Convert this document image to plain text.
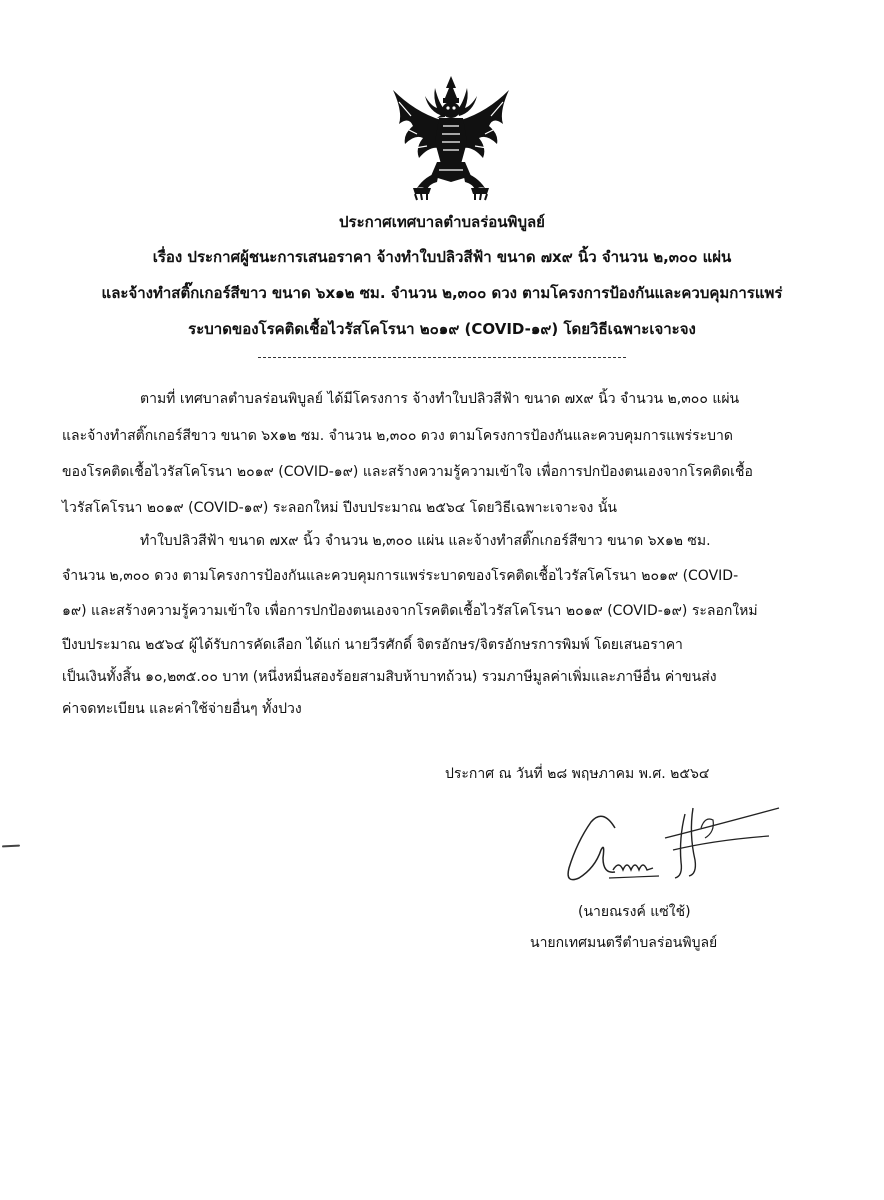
ประกาศเทศบาลตำบลร่อนพิบูลย์
เรื่อง ประกาศผู้ชนะการเสนอราคา จ้างทำใบปลิวสีฟ้า ขนาด ๗x๙ นิ้ว จำนวน ๒,๓๐๐ แผ่น
และจ้างทำสติ๊กเกอร์สีขาว ขนาด ๖x๑๒ ซม. จำนวน ๒,๓๐๐ ดวง ตามโครงการป้องกันและควบคุมการแพร่
ระบาดของโรคติดเชื้อไวรัสโคโรนา ๒๐๑๙ (COVID-๑๙) โดยวิธีเฉพาะเจาะจง
ตามที่ เทศบาลตำบลร่อนพิบูลย์ ได้มีโครงการ จ้างทำใบปลิวสีฟ้า ขนาด ๗x๙ นิ้ว จำนวน ๒,๓๐๐ แผ่น
และจ้างทำสติ๊กเกอร์สีขาว ขนาด ๖x๑๒ ซม. จำนวน ๒,๓๐๐ ดวง ตามโครงการป้องกันและควบคุมการแพร่ระบาด
ของโรคติดเชื้อไวรัสโคโรนา ๒๐๑๙ (COVID-๑๙) และสร้างความรู้ความเข้าใจ เพื่อการปกป้องตนเองจากโรคติดเชื้อ
ไวรัสโคโรนา ๒๐๑๙ (COVID-๑๙) ระลอกใหม่ ปีงบประมาณ ๒๕๖๔ โดยวิธีเฉพาะเจาะจง นั้น
ทำใบปลิวสีฟ้า ขนาด ๗x๙ นิ้ว จำนวน ๒,๓๐๐ แผ่น และจ้างทำสติ๊กเกอร์สีขาว ขนาด ๖x๑๒ ซม.
จำนวน ๒,๓๐๐ ดวง ตามโครงการป้องกันและควบคุมการแพร่ระบาดของโรคติดเชื้อไวรัสโคโรนา ๒๐๑๙ (COVID-
๑๙) และสร้างความรู้ความเข้าใจ เพื่อการปกป้องตนเองจากโรคติดเชื้อไวรัสโคโรนา ๒๐๑๙ (COVID-๑๙) ระลอกใหม่
ปีงบประมาณ ๒๕๖๔ ผู้ได้รับการคัดเลือก ได้แก่ นายวีรศักดิ์ จิตรอักษร/จิตรอักษรการพิมพ์ โดยเสนอราคา
เป็นเงินทั้งสิ้น ๑๐,๒๓๕.๐๐ บาท (หนึ่งหมื่นสองร้อยสามสิบห้าบาทถ้วน) รวมภาษีมูลค่าเพิ่มและภาษีอื่น ค่าขนส่ง
ค่าจดทะเบียน และค่าใช้จ่ายอื่นๆ ทั้งปวง
ประกาศ ณ วันที่ ๒๘ พฤษภาคม พ.ศ. ๒๕๖๔
(นายณรงค์ แซ่ใช้)
นายกเทศมนตรีตำบลร่อนพิบูลย์
